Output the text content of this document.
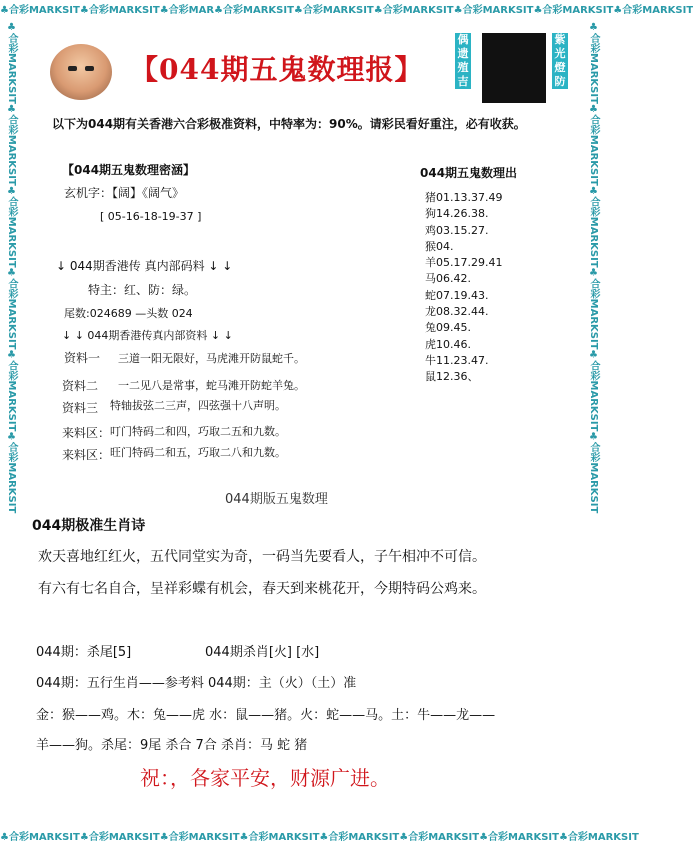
♣合彩MARKSIT♣合彩MARKSIT♣合彩MAR♣合彩MARKSIT♣合彩MARKSIT♣合彩MARKSIT♣合彩MARKSIT♣合彩MARKSIT♣合彩MARKSIT
♣合彩MARKSIT♣合彩MARKSIT♣合彩MARKSIT♣合彩MARKSIT♣合彩MARKSIT♣合彩MARKSIT♣合彩MARKSIT♣合彩MARKSIT
♣合彩MARKSIT♣合彩MARKSIT♣合彩MARKSIT♣合彩MARKSIT♣合彩MARKSIT♣合彩MARKSIT	♣合彩MARKSIT♣合彩MARKSIT♣合彩MARKSIT♣合彩MARKSIT♣合彩MARKSIT♣合彩MARKSIT
【044期五鬼数理报】
偶
遗
殖
吉
紫
光
燈
防
以下为044期有关香港六合彩极准资料，中特率为：90%。请彩民看好重注，必有收获。
【044期五鬼数理密涵】
玄机字：【阔】《阔气》
[ 05-16-18-19-37 ]
↓ 044期香港传 真内部码料 ↓ ↓
特主：红、防：绿。
尾数:024689 —头数 024
↓ ↓ 044期香港传真内部资料 ↓ ↓
资料一 三道一阳无限好，马虎滩开防鼠蛇千。
资料二 一二见八是常事，蛇马滩开防蛇羊兔。
资料三 特轴拔弦二三声，四弦强十八声明。
来料区： 叮门特码二和四，巧取二五和九数。
来料区： 旺门特码二和五，巧取二八和九数。
044期五鬼数理出
猪01.13.37.49
狗14.26.38.
鸡03.15.27.
猴04.
羊05.17.29.41
马06.42.
蛇07.19.43.
龙08.32.44.
兔09.45.
虎10.46.
牛11.23.47.
鼠12.36、
044期版五鬼数理
044期极准生肖诗
欢天喜地红红火，五代同堂实为奇，一码当先要看人，子午相冲不可信。
有六有七名自合，呈祥彩蝶有机会，春天到来桃花开，今期特码公鸡来。
044期：杀尾[5]	044期杀肖[火] [水]
044期：五行生肖——参考料 044期：主（火）（土）准
金：猴——鸡。木：兔——虎 水：鼠——猪。火：蛇——马。土：牛——龙——
羊——狗。杀尾：9尾 杀合 7合 杀肖：马 蛇 猪
祝：，各家平安，财源广进。
